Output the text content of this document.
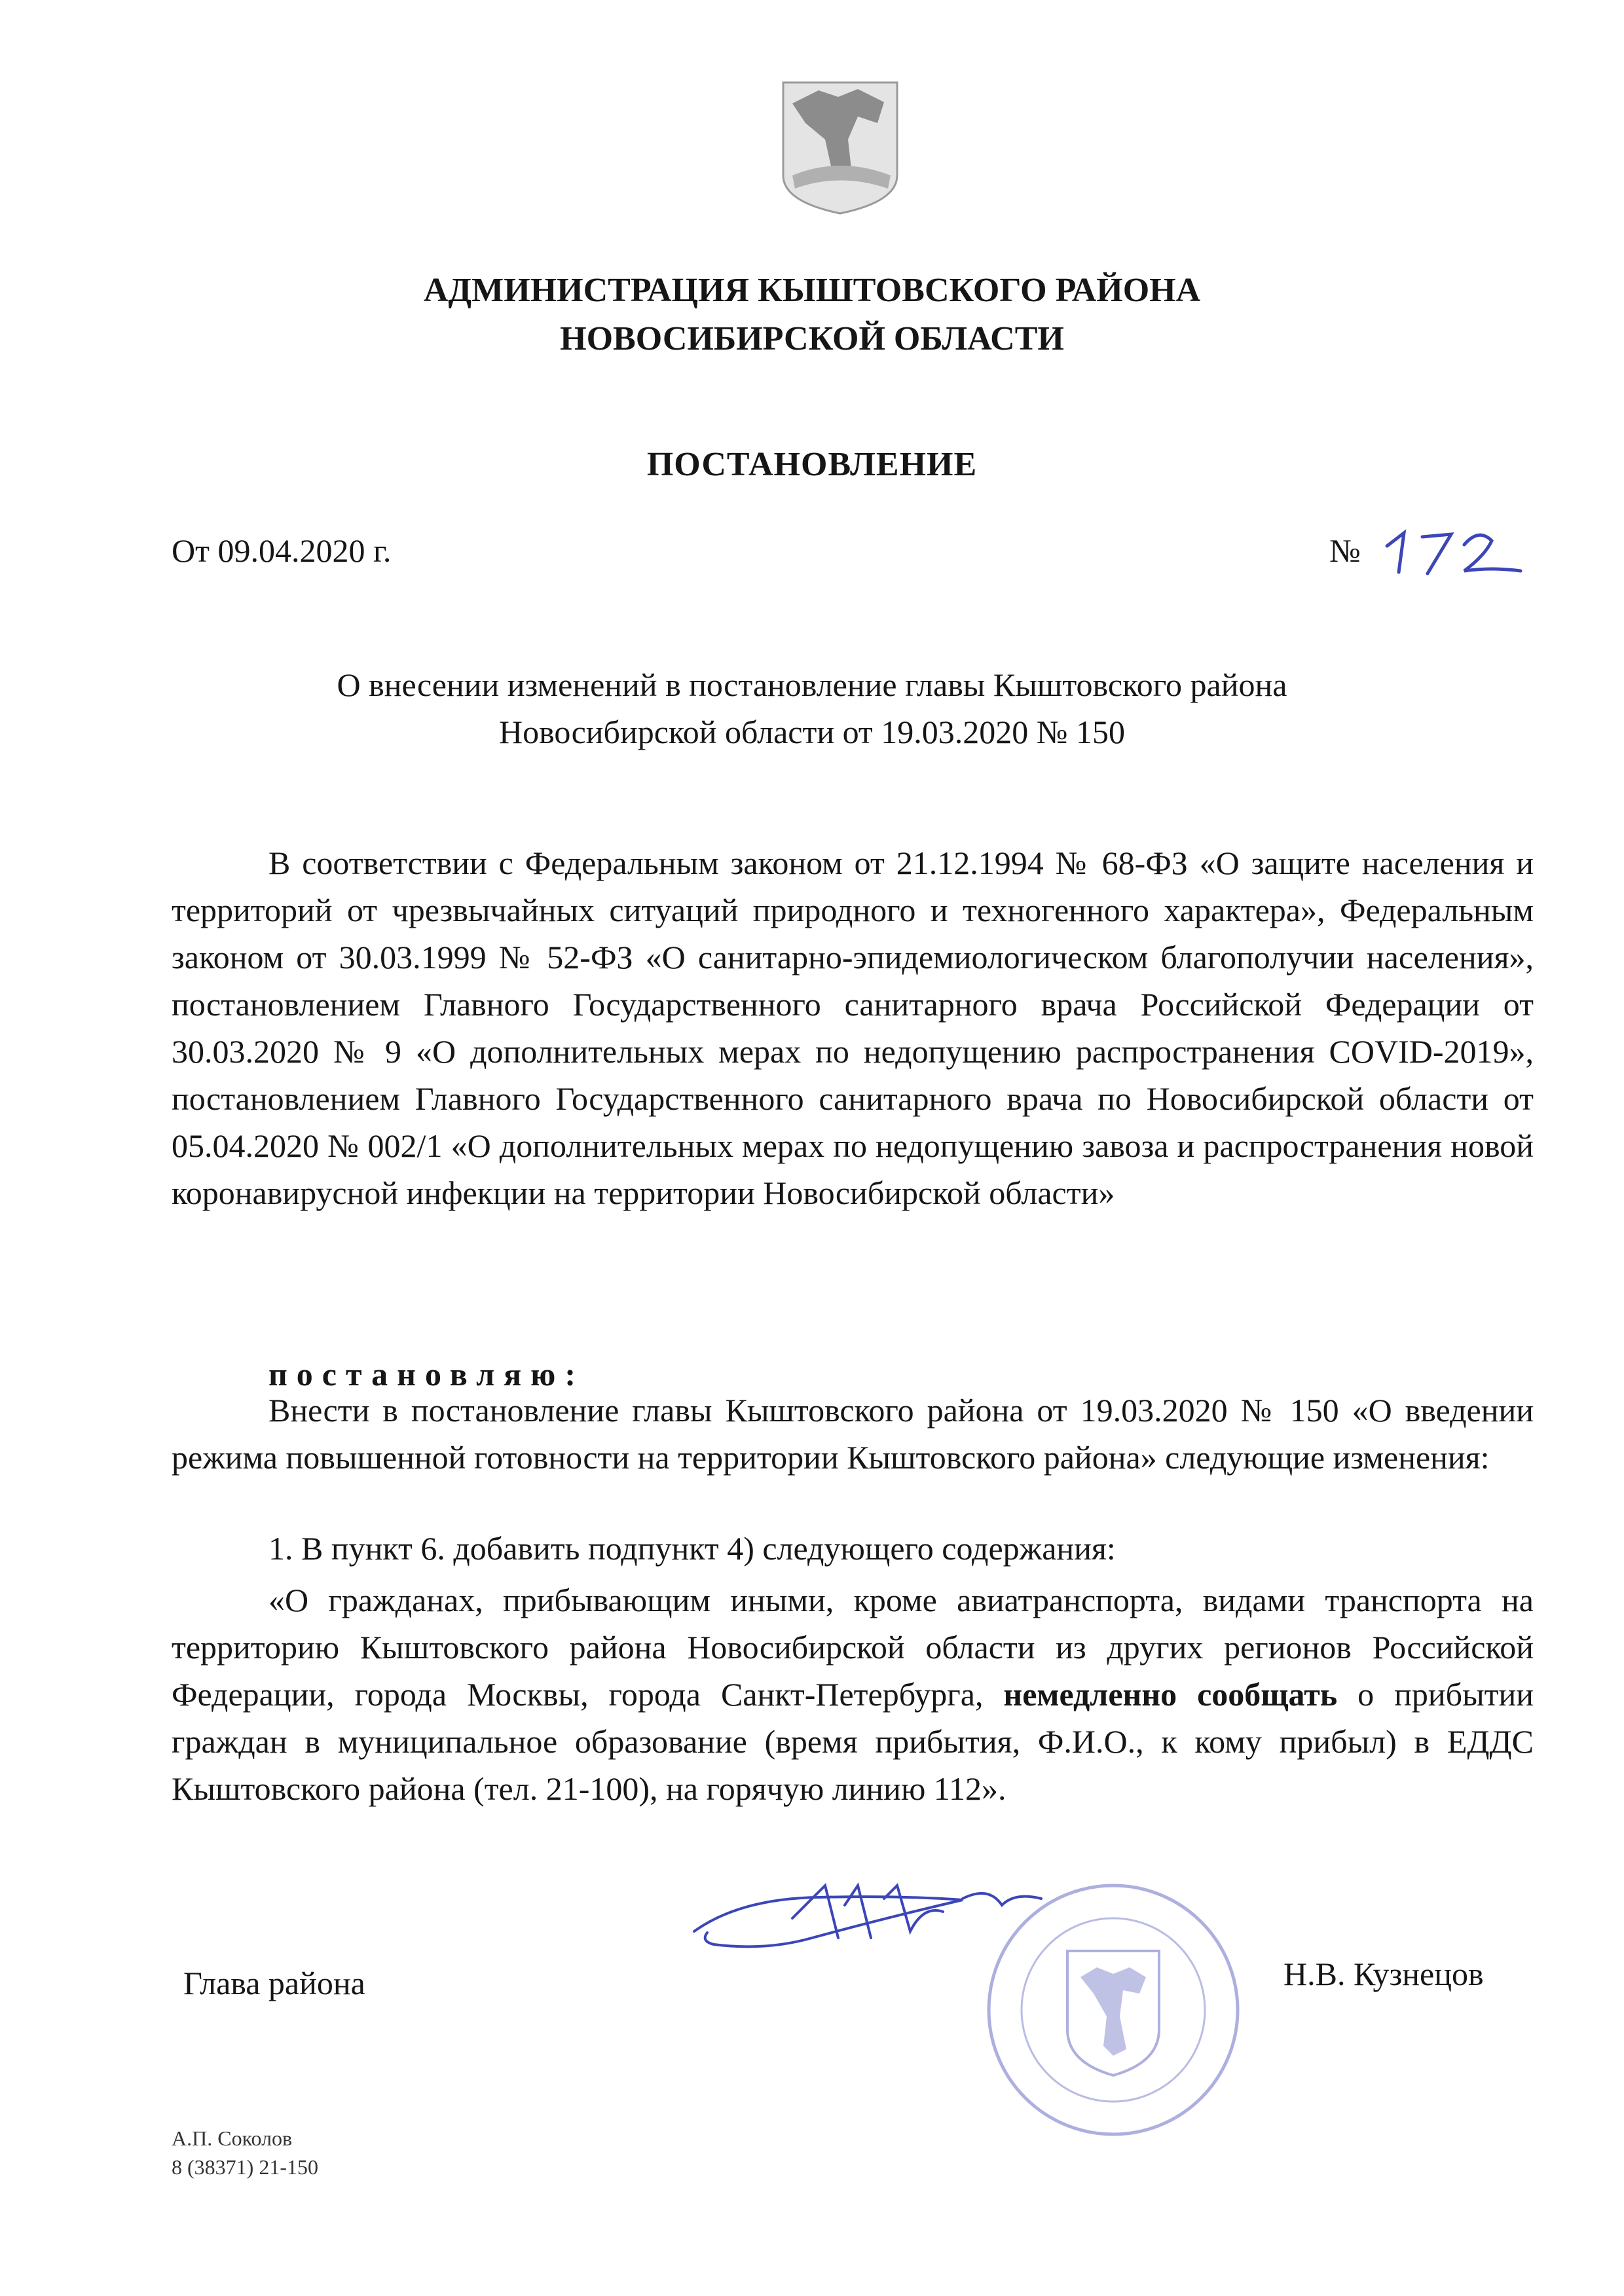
АДМИНИСТРАЦИЯ КЫШТОВСКОГО РАЙОНА
НОВОСИБИРСКОЙ ОБЛАСТИ
ПОСТАНОВЛЕНИЕ
От 09.04.2020 г.	№
О внесении изменений в постановление главы Кыштовского района
Новосибирской области от 19.03.2020 № 150
В соответствии с Федеральным законом от 21.12.1994 № 68-ФЗ «О защите населения и территорий от чрезвычайных ситуаций природного и техногенного характера», Федеральным законом от 30.03.1999 № 52-ФЗ «О санитарно-эпидемиологическом благополучии населения», постановлением Главного Государственного санитарного врача Российской Федерации от 30.03.2020 № 9 «О дополнительных мерах по недопущению распространения COVID-2019», постановлением Главного Государственного санитарного врача по Новосибирской области от 05.04.2020 № 002/1 «О дополнительных мерах по недопущению завоза и распространения новой коронавирусной инфекции на территории Новосибирской области»
постановляю:
Внести в постановление главы Кыштовского района от 19.03.2020 № 150 «О введении режима повышенной готовности на территории Кыштовского района» следующие изменения:
1. В пункт 6. добавить подпункт 4) следующего содержания:
«О гражданах, прибывающим иными, кроме авиатранспорта, видами транспорта на территорию Кыштовского района Новосибирской области из других регионов Российской Федерации, города Москвы, города Санкт-Петербурга, немедленно сообщать о прибытии граждан в муниципальное образование (время прибытия, Ф.И.О., к кому прибыл) в ЕДДС Кыштовского района (тел. 21-100), на горячую линию 112».
Глава района	Н.В. Кузнецов
А.П. Соколов
8 (38371) 21-150
